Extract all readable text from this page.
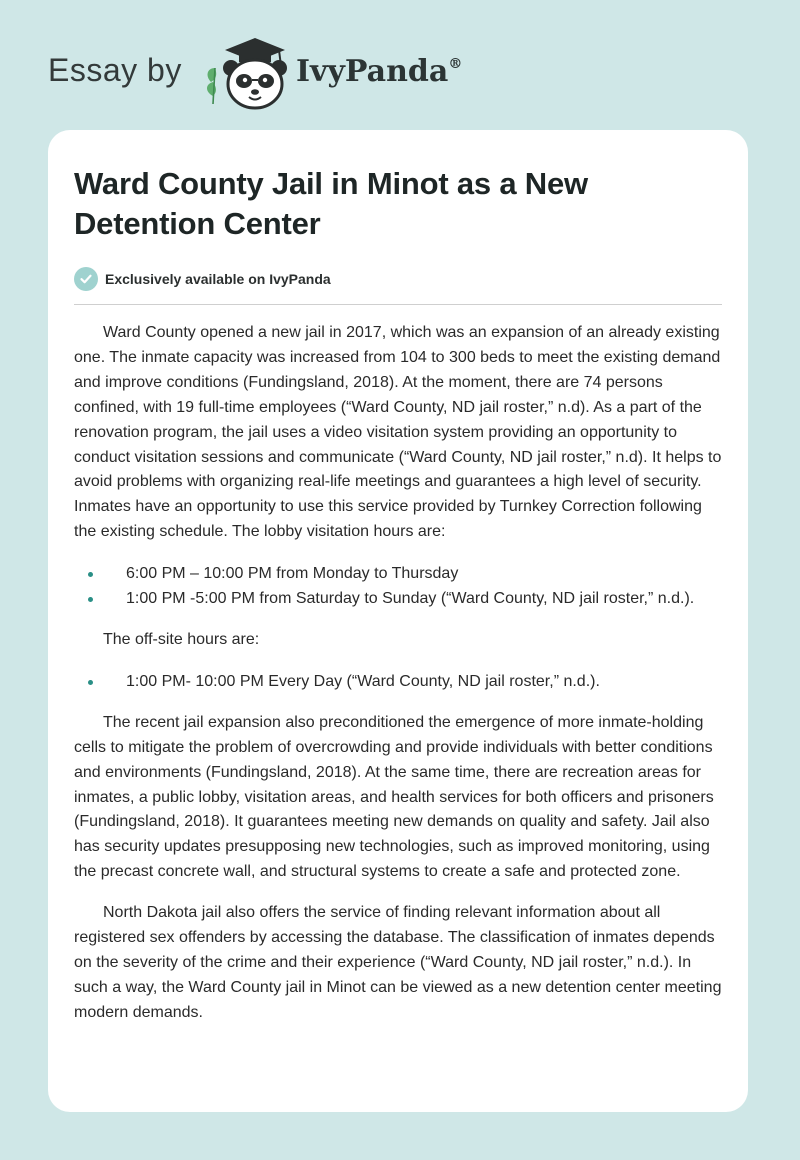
Essay by	IvyPanda®
Ward County Jail in Minot as a New Detention Center
Exclusively available on IvyPanda

Ward County opened a new jail in 2017, which was an expansion of an already existing one. The inmate capacity was increased from 104 to 300 beds to meet the existing demand and improve conditions (Fundingsland, 2018). At the moment, there are 74 persons confined, with 19 full-time employees (“Ward County, ND jail roster,” n.d). As a part of the renovation program, the jail uses a video visitation system providing an opportunity to conduct visitation sessions and communicate (“Ward County, ND jail roster,” n.d). It helps to avoid problems with organizing real-life meetings and guarantees a high level of security. Inmates have an opportunity to use this service provided by Turnkey Correction following the existing schedule. The lobby visitation hours are:

6:00 PM – 10:00 PM from Monday to Thursday
1:00 PM -5:00 PM from Saturday to Sunday (“Ward County, ND jail roster,” n.d.).

The off-site hours are:

1:00 PM- 10:00 PM Every Day (“Ward County, ND jail roster,” n.d.).

The recent jail expansion also preconditioned the emergence of more inmate-holding cells to mitigate the problem of overcrowding and provide individuals with better conditions and environments (Fundingsland, 2018). At the same time, there are recreation areas for inmates, a public lobby, visitation areas, and health services for both officers and prisoners (Fundingsland, 2018). It guarantees meeting new demands on quality and safety. Jail also has security updates presupposing new technologies, such as improved monitoring, using the precast concrete wall, and structural systems to create a safe and protected zone.

North Dakota jail also offers the service of finding relevant information about all registered sex offenders by accessing the database. The classification of inmates depends on the severity of the crime and their experience (“Ward County, ND jail roster,” n.d.). In such a way, the Ward County jail in Minot can be viewed as a new detention center meeting modern demands.
